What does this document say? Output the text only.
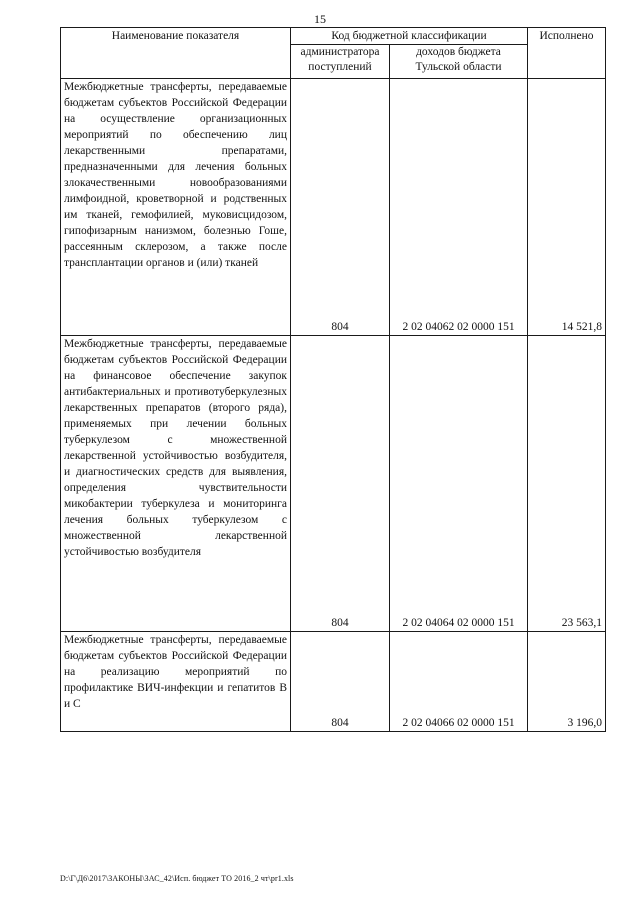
15
Наименование показателя	Код бюджетной классификации		Исполнено
	администратора поступлений	доходов бюджета Тульской области	
Межбюджетные трансферты, передаваемые бюджетам субъектов Российской Федерации на осуществление организационных мероприятий по обеспечению лиц лекарственными препаратами, предназначенными для лечения больных злокачественными новообразованиями лимфоидной, кроветворной и родственных им тканей, гемофилией, муковисцидозом, гипофизарным нанизмом, болезнью Гоше, рассеянным склерозом, а также после трансплантации органов и (или) тканей	804	2 02 04062 02 0000 151	14 521,8
Межбюджетные трансферты, передаваемые бюджетам субъектов Российской Федерации на финансовое обеспечение закупок антибактериальных и противотуберкулезных лекарственных препаратов (второго ряда), применяемых при лечении больных туберкулезом с множественной лекарственной устойчивостью возбудителя, и диагностических средств для выявления, определения чувствительности микобактерии туберкулеза и мониторинга лечения больных туберкулезом с множественной лекарственной устойчивостью возбудителя	804	2 02 04064 02 0000 151	23 563,1
Межбюджетные трансферты, передаваемые бюджетам субъектов Российской Федерации на реализацию мероприятий по профилактике ВИЧ-инфекции и гепатитов В и С	804	2 02 04066 02 0000 151	3 196,0
D:\Г\Д6\2017\ЗАКОНЫ\ЗАС_42\Исп. бюджет ТО 2016_2 чт\pr1.xls
